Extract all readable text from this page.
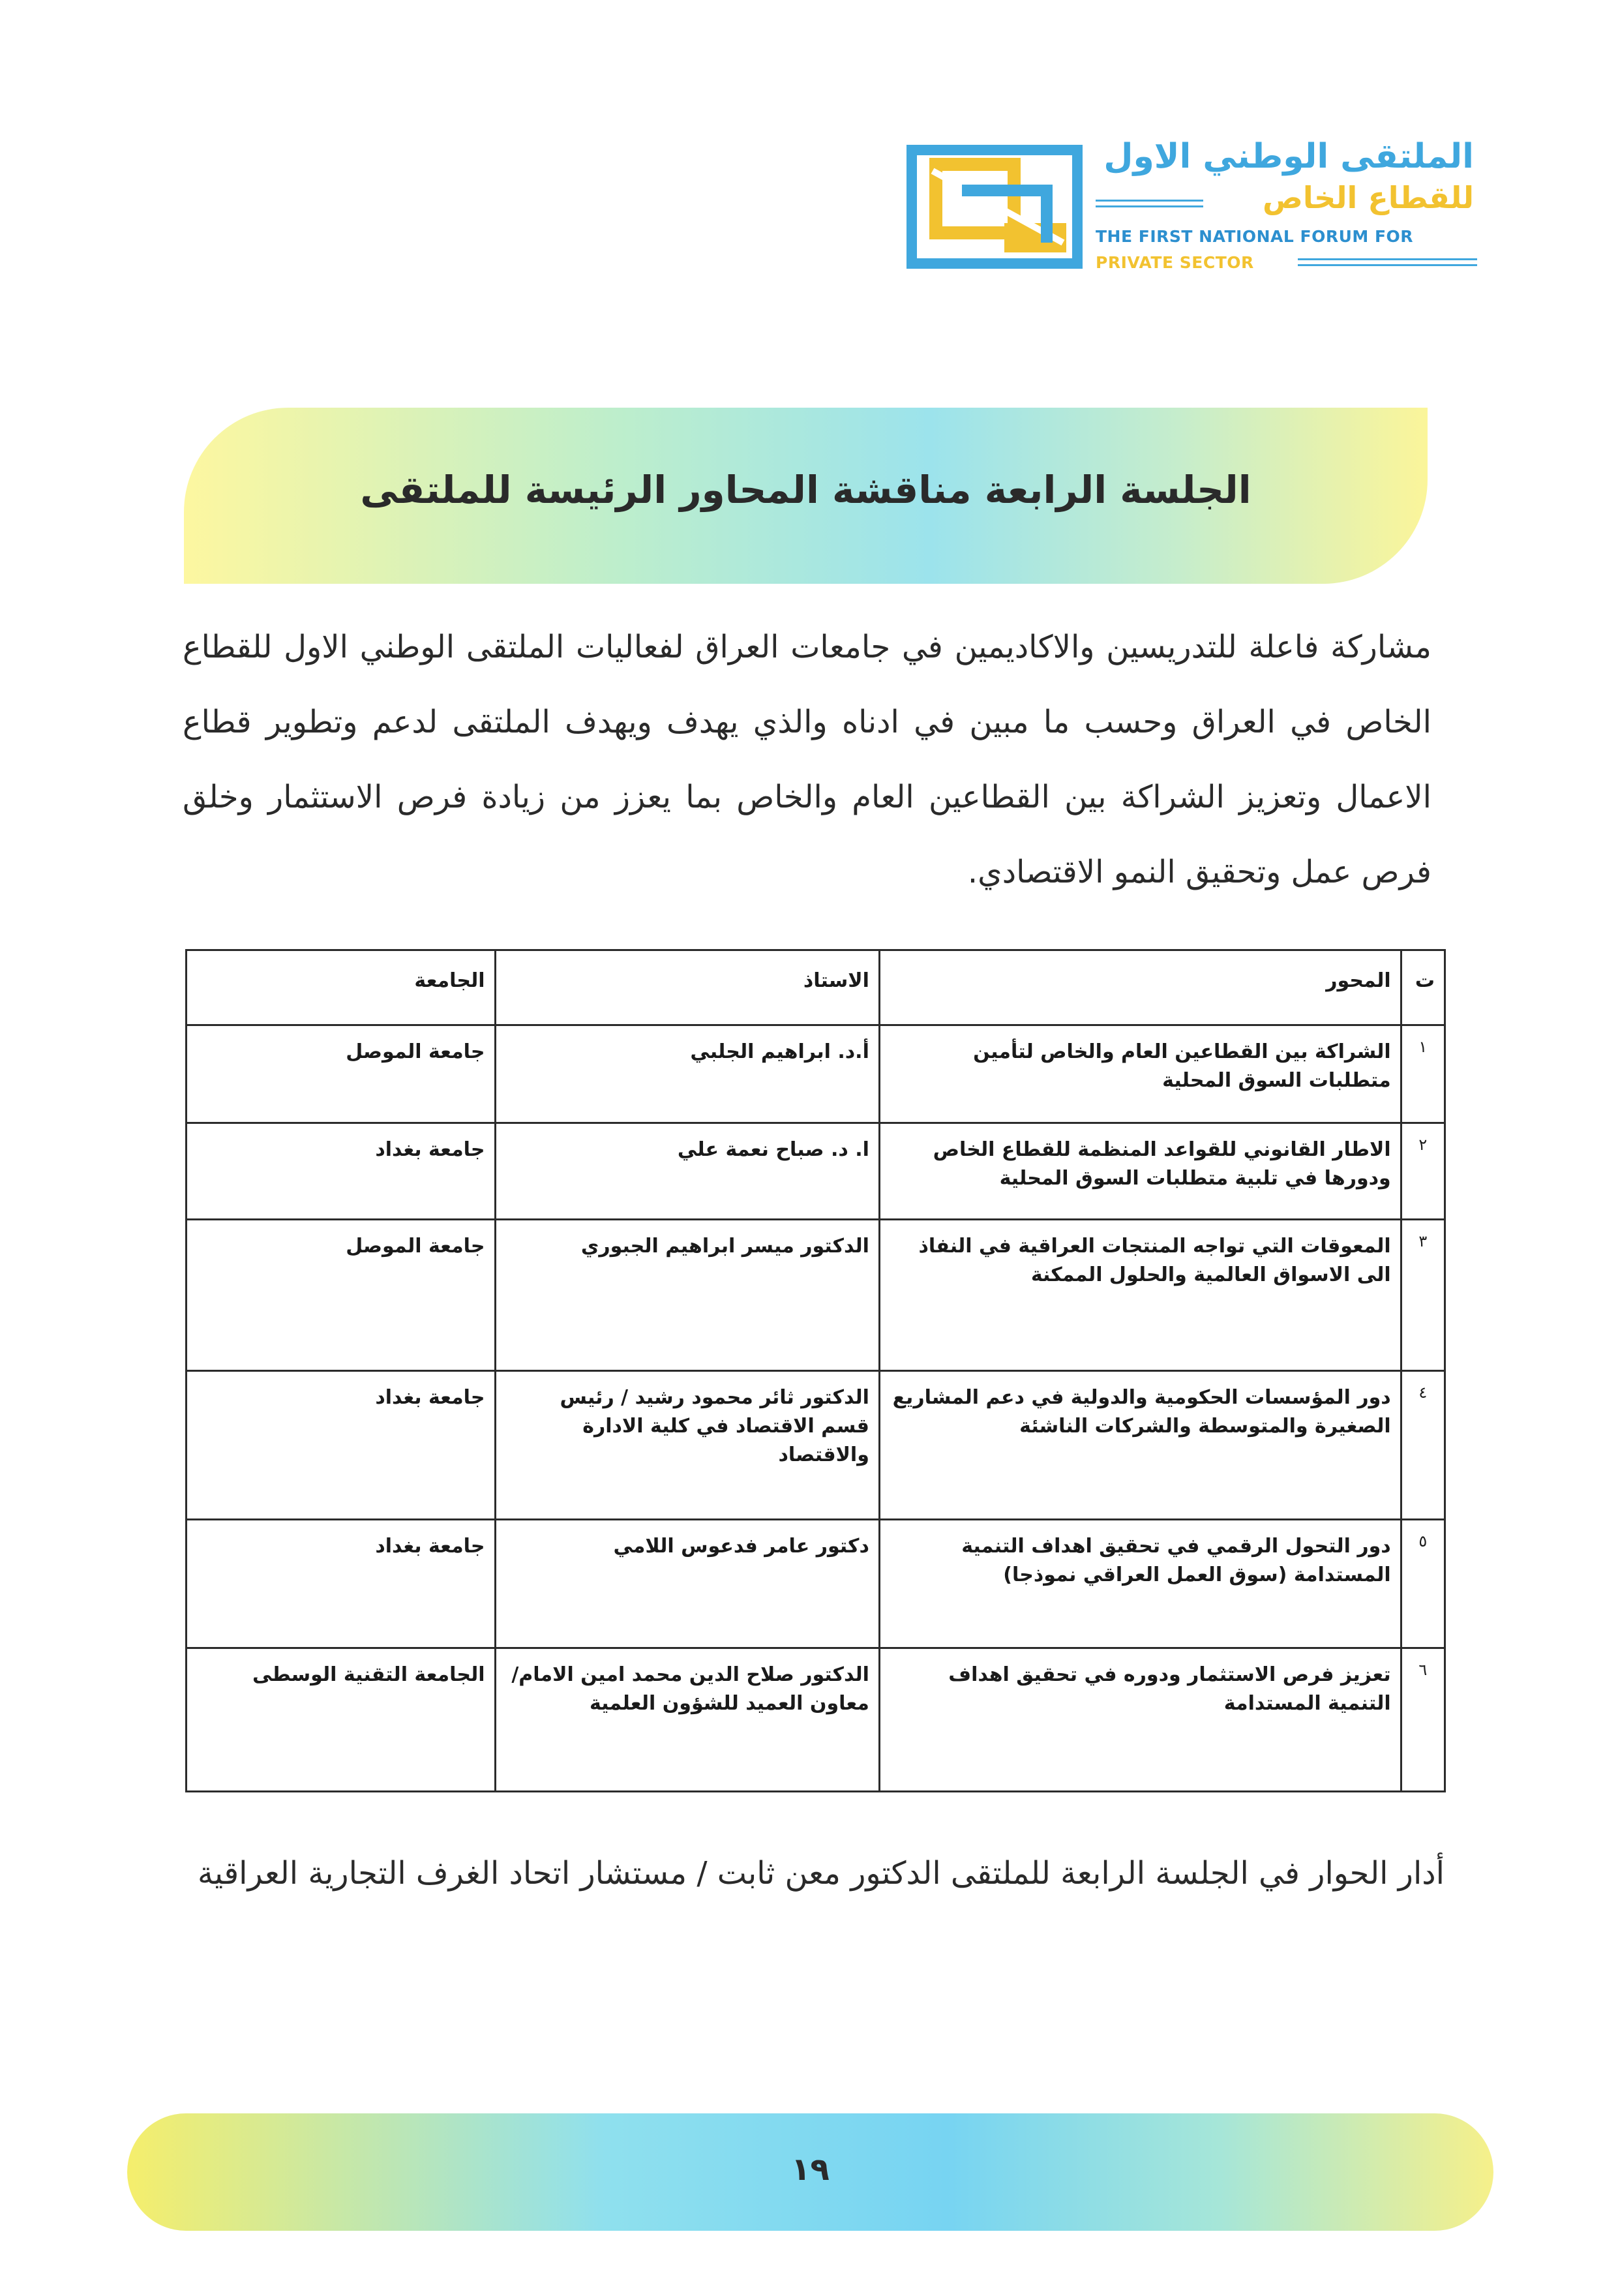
الملتقى الوطني الاول
للقطاع الخاص
THE FIRST NATIONAL FORUM FOR
PRIVATE SECTOR
الجلسة الرابعة مناقشة المحاور الرئيسة للملتقى
مشاركة فاعلة للتدريسين والاكاديمين في جامعات العراق لفعاليات الملتقى الوطني الاول للقطاع الخاص في العراق وحسب ما مبين في ادناه والذي يهدف ويهدف الملتقى لدعم وتطوير قطاع الاعمال وتعزيز الشراكة بين القطاعين العام والخاص بما يعزز من زيادة فرص الاستثمار وخلق فرص عمل وتحقيق النمو الاقتصادي.
ت	المحور	الاستاذ	الجامعة
١	الشراكة بين القطاعين العام والخاص لتأمين متطلبات السوق المحلية	أ.د. ابراهيم الجلبي	جامعة الموصل
٢	الاطار القانوني للقواعد المنظمة للقطاع الخاص ودورها في تلبية متطلبات السوق المحلية	ا. د. صباح نعمة علي	جامعة بغداد
٣	المعوقات التي تواجه المنتجات العراقية في النفاذ الى الاسواق العالمية والحلول الممكنة	الدكتور ميسر ابراهيم الجبوري	جامعة الموصل
٤	دور المؤسسات الحكومية والدولية في دعم المشاريع الصغيرة والمتوسطة والشركات الناشئة	الدكتور ثائر محمود رشيد / رئيس قسم الاقتصاد في كلية الادارة والاقتصاد	جامعة بغداد
٥	دور التحول الرقمي في تحقيق اهداف التنمية المستدامة (سوق العمل العراقي نموذجا)	دكتور عامر فدعوس اللامي	جامعة بغداد
٦	تعزيز فرص الاستثمار ودوره في تحقيق اهداف التنمية المستدامة	الدكتور صلاح الدين محمد امين الامام/ معاون العميد للشؤون العلمية	الجامعة التقنية الوسطى
أدار الحوار في الجلسة الرابعة للملتقى الدكتور معن ثابت / مستشار اتحاد الغرف التجارية العراقية
١٩
